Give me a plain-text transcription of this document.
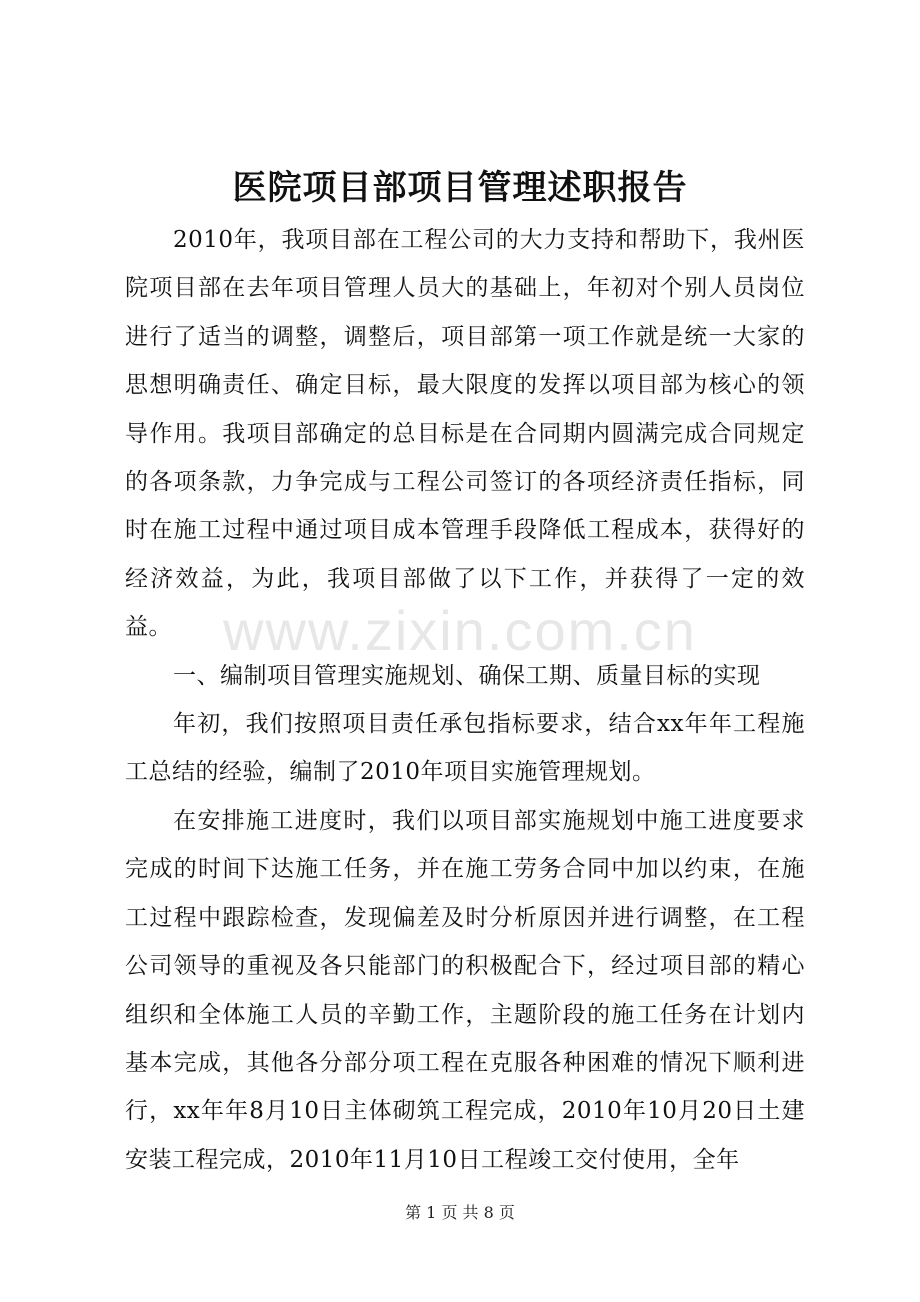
医院项目部项目管理述职报告

2010年，我项目部在工程公司的大力支持和帮助下，我州医院项目部在去年项目管理人员大的基础上，年初对个别人员岗位进行了适当的调整，调整后，项目部第一项工作就是统一大家的思想明确责任、确定目标，最大限度的发挥以项目部为核心的领导作用。我项目部确定的总目标是在合同期内圆满完成合同规定的各项条款，力争完成与工程公司签订的各项经济责任指标，同时在施工过程中通过项目成本管理手段降低工程成本，获得好的经济效益，为此，我项目部做了以下工作，并获得了一定的效益。

一、编制项目管理实施规划、确保工期、质量目标的实现

年初，我们按照项目责任承包指标要求，结合xx年年工程施工总结的经验，编制了2010年项目实施管理规划。

在安排施工进度时，我们以项目部实施规划中施工进度要求完成的时间下达施工任务，并在施工劳务合同中加以约束，在施工过程中跟踪检查，发现偏差及时分析原因并进行调整，在工程公司领导的重视及各只能部门的积极配合下，经过项目部的精心组织和全体施工人员的辛勤工作，主题阶段的施工任务在计划内基本完成，其他各分部分项工程在克服各种困难的情况下顺利进行，xx年年8月10日主体砌筑工程完成，2010年10月20日土建安装工程完成，2010年11月10日工程竣工交付使用，全年

www.zixin.com.cn
第 1 页 共 8 页
